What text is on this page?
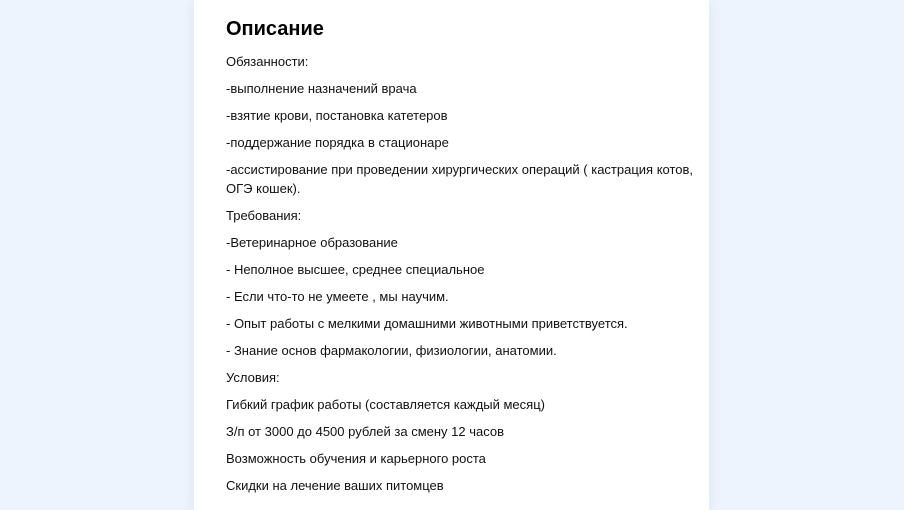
Описание

Обязанности:

-выполнение назначений врача

-взятие крови, постановка катетеров

-поддержание порядка в стационаре

-ассистирование при проведении хирургических операций ( кастрация котов, ОГЭ кошек).

Требования:

-Ветеринарное образование

- Неполное высшее, среднее специальное

- Если что-то не умеете , мы научим.

- Опыт работы с мелкими домашними животными приветствуется.

- Знание основ фармакологии, физиологии, анатомии.

Условия:

Гибкий график работы (составляется каждый месяц)

З/п от 3000 до 4500 рублей за смену 12 часов

Возможность обучения и карьерного роста

Скидки на лечение ваших питомцев
